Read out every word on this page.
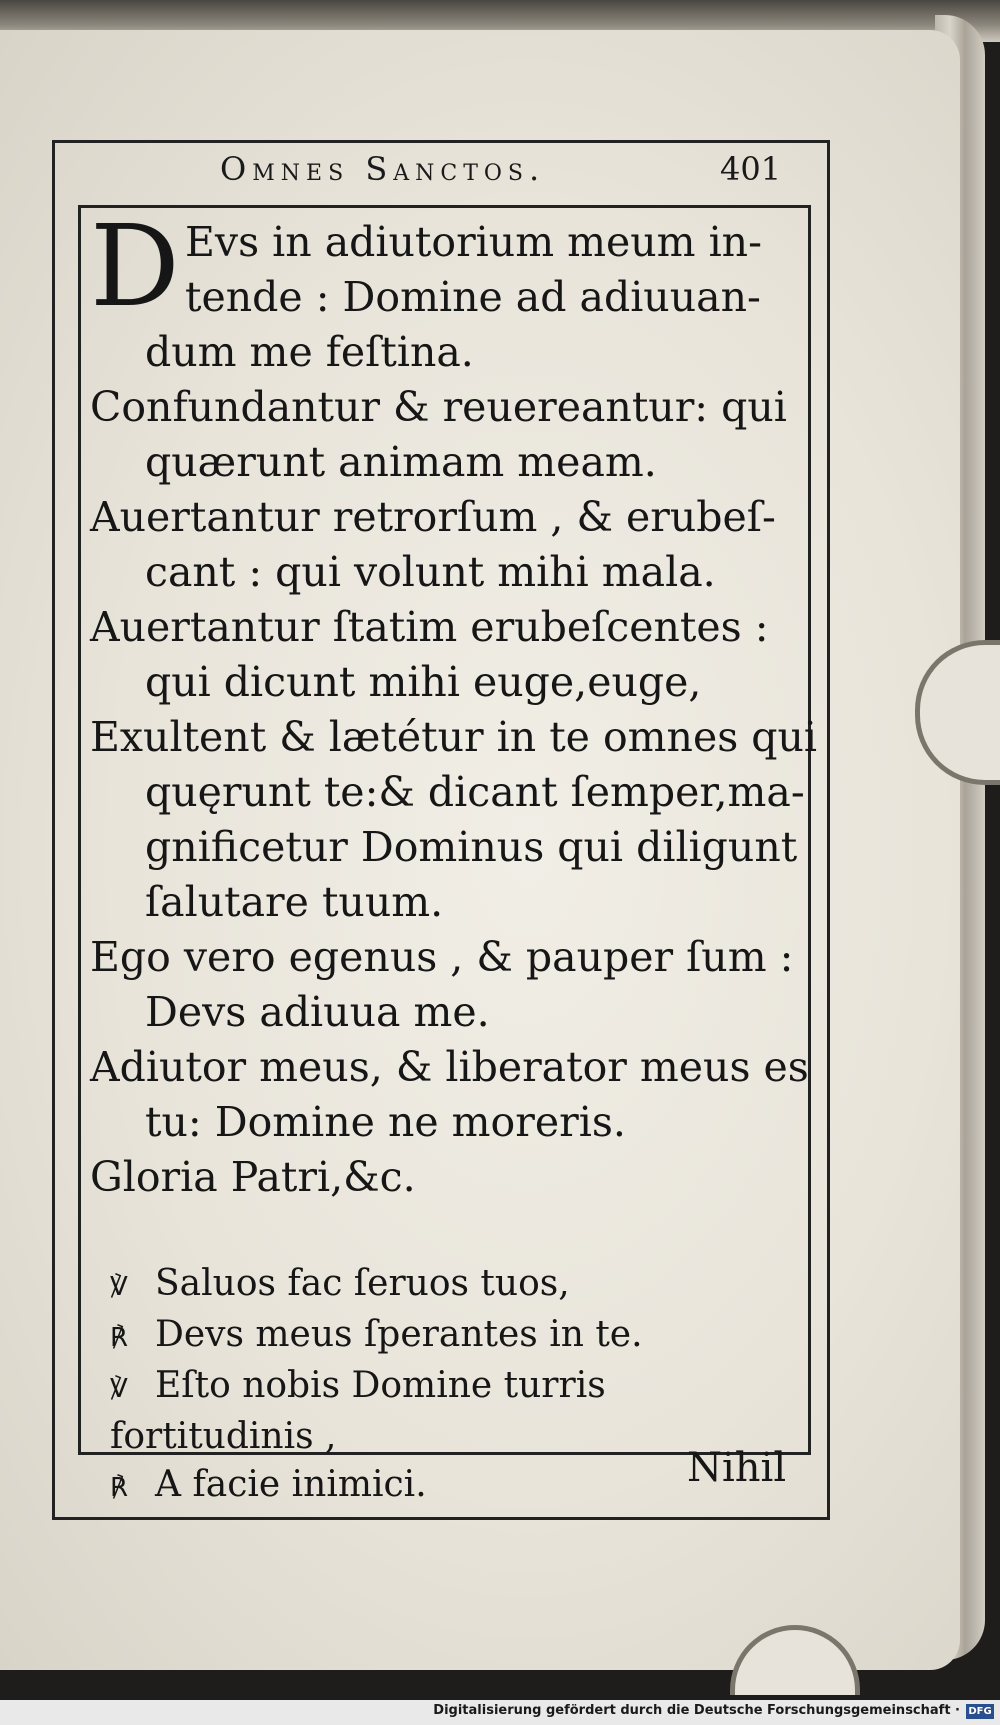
Omnes Sanctos.	401
D Evs in adiutorium meum in-
tende : Domine ad adiuuan-
dum me feſtina.
Confundantur & reuereantur: qui
quærunt animam meam.
Auertantur retrorſum , & erubeſ-
cant : qui volunt mihi mala.
Auertantur ſtatim erubeſcentes :
qui dicunt mihi euge,euge,
Exultent & lætétur in te omnes qui
quęrunt te:& dicant ſemper,ma-
gnificetur Dominus qui diligunt
ſalutare tuum.
Ego vero egenus , & pauper ſum :
Devs adiuua me.
Adiutor meus, & liberator meus es
tu: Domine ne moreris.
Gloria Patri,&c.
℣ Saluos fac ſeruos tuos,
℟ Devs meus ſperantes in te.
℣ Eſto nobis Domine turris fortitudinis ,
℟ A facie inimici.	Nihil
Digitalisierung gefördert durch die Deutsche Forschungsgemeinschaft · DFG
